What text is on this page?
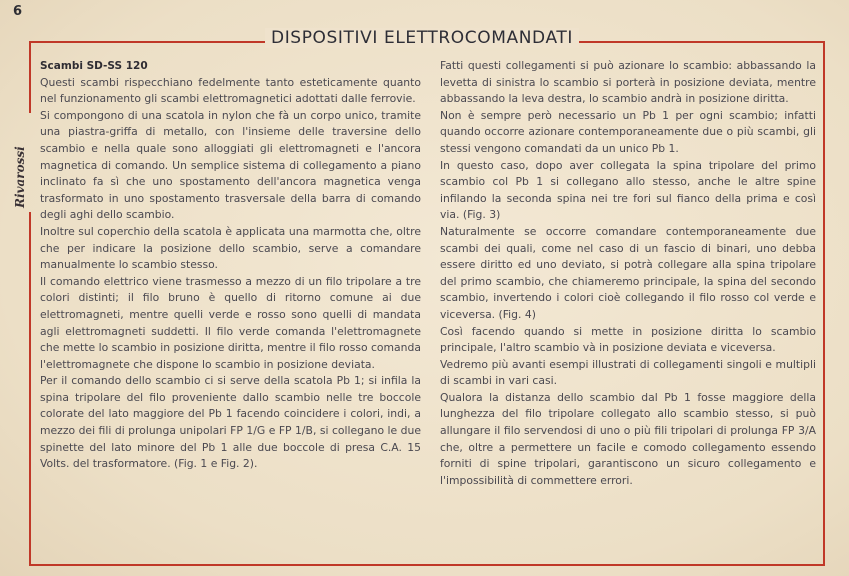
6
Rivarossi
DISPOSITIVI ELETTROCOMANDATI

Scambi SD-SS 120

Questi scambi rispecchiano fedelmente tanto esteticamente quanto nel funzionamento gli scambi elettromagnetici adottati dalle ferrovie.

Si compongono di una scatola in nylon che fà un corpo unico, tramite una piastra-griffa di metallo, con l'insieme delle traversine dello scambio e nella quale sono alloggiati gli elettromagneti e l'ancora magnetica di comando. Un semplice sistema di collegamento a piano inclinato fa sì che uno spostamento dell'ancora magnetica venga trasformato in uno spostamento trasversale della barra di comando degli aghi dello scambio.

Inoltre sul coperchio della scatola è applicata una marmotta che, oltre che per indicare la posizione dello scambio, serve a comandare manualmente lo scambio stesso.

Il comando elettrico viene trasmesso a mezzo di un filo tripolare a tre colori distinti; il filo bruno è quello di ritorno comune ai due elettromagneti, mentre quelli verde e rosso sono quelli di mandata agli elettromagneti suddetti. Il filo verde comanda l'elettromagnete che mette lo scambio in posizione diritta, mentre il filo rosso comanda l'elettromagnete che dispone lo scambio in posizione deviata.

Per il comando dello scambio ci si serve della scatola Pb 1; si infila la spina tripolare del filo proveniente dallo scambio nelle tre boccole colorate del lato maggiore del Pb 1 facendo coincidere i colori, indi, a mezzo dei fili di prolunga unipolari FP 1/G e FP 1/B, si collegano le due spinette del lato minore del Pb 1 alle due boccole di presa C.A. 15 Volts. del trasformatore. (Fig. 1 e Fig. 2).

Fatti questi collegamenti si può azionare lo scambio: abbassando la levetta di sinistra lo scambio si porterà in posizione deviata, mentre abbassando la leva destra, lo scambio andrà in posizione diritta.

Non è sempre però necessario un Pb 1 per ogni scambio; infatti quando occorre azionare contemporaneamente due o più scambi, gli stessi vengono comandati da un unico Pb 1.

In questo caso, dopo aver collegata la spina tripolare del primo scambio col Pb 1 si collegano allo stesso, anche le altre spine infilando la seconda spina nei tre fori sul fianco della prima e così via. (Fig. 3)

Naturalmente se occorre comandare contemporaneamente due scambi dei quali, come nel caso di un fascio di binari, uno debba essere diritto ed uno deviato, si potrà collegare alla spina tripolare del primo scambio, che chiameremo principale, la spina del secondo scambio, invertendo i colori cioè collegando il filo rosso col verde e viceversa. (Fig. 4)

Così facendo quando si mette in posizione diritta lo scambio principale, l'altro scambio và in posizione deviata e viceversa.

Vedremo più avanti esempi illustrati di collegamenti singoli e multipli di scambi in vari casi.

Qualora la distanza dello scambio dal Pb 1 fosse maggiore della lunghezza del filo tripolare collegato allo scambio stesso, si può allungare il filo servendosi di uno o più fili tripolari di prolunga FP 3/A che, oltre a permettere un facile e comodo collegamento essendo forniti di spine tripolari, garantiscono un sicuro collegamento e l'impossibilità di commettere errori.
